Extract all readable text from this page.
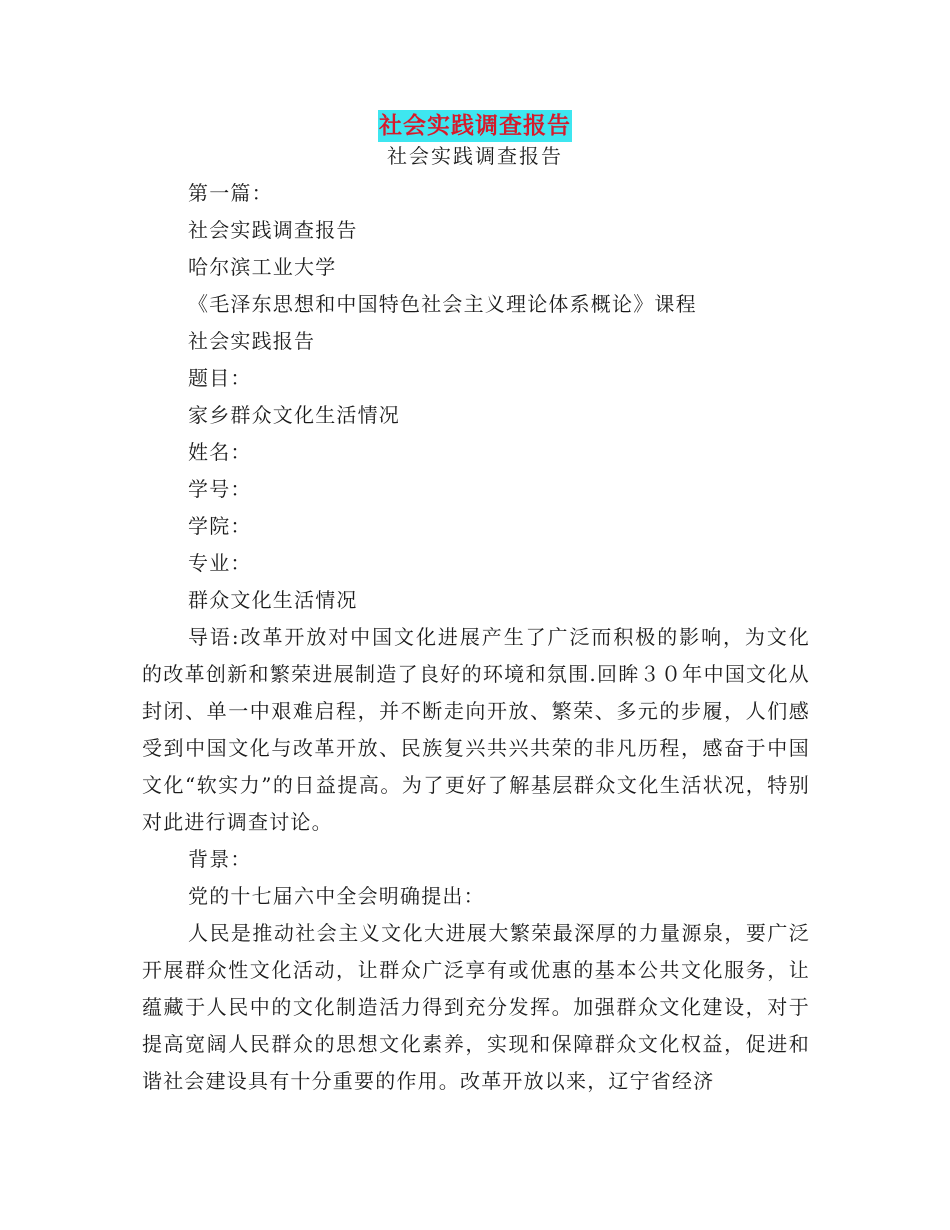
社会实践调查报告
社会实践调查报告
第一篇：
社会实践调查报告
哈尔滨工业大学
《毛泽东思想和中国特色社会主义理论体系概论》课程
社会实践报告
题目：
家乡群众文化生活情况
姓名：
学号：
学院：
专业：
群众文化生活情况

导语:改革开放对中国文化进展产生了广泛而积极的影响，为文化的改革创新和繁荣进展制造了良好的环境和氛围.回眸３０年中国文化从封闭、单一中艰难启程，并不断走向开放、繁荣、多元的步履，人们感受到中国文化与改革开放、民族复兴共兴共荣的非凡历程，感奋于中国文化“软实力”的日益提高。为了更好了解基层群众文化生活状况，特别对此进行调查讨论。

背景：
党的十七届六中全会明确提出：

人民是推动社会主义文化大进展大繁荣最深厚的力量源泉，要广泛开展群众性文化活动，让群众广泛享有或优惠的基本公共文化服务，让蕴藏于人民中的文化制造活力得到充分发挥。加强群众文化建设，对于提高宽阔人民群众的思想文化素养，实现和保障群众文化权益，促进和谐社会建设具有十分重要的作用。改革开放以来，辽宁省经济
